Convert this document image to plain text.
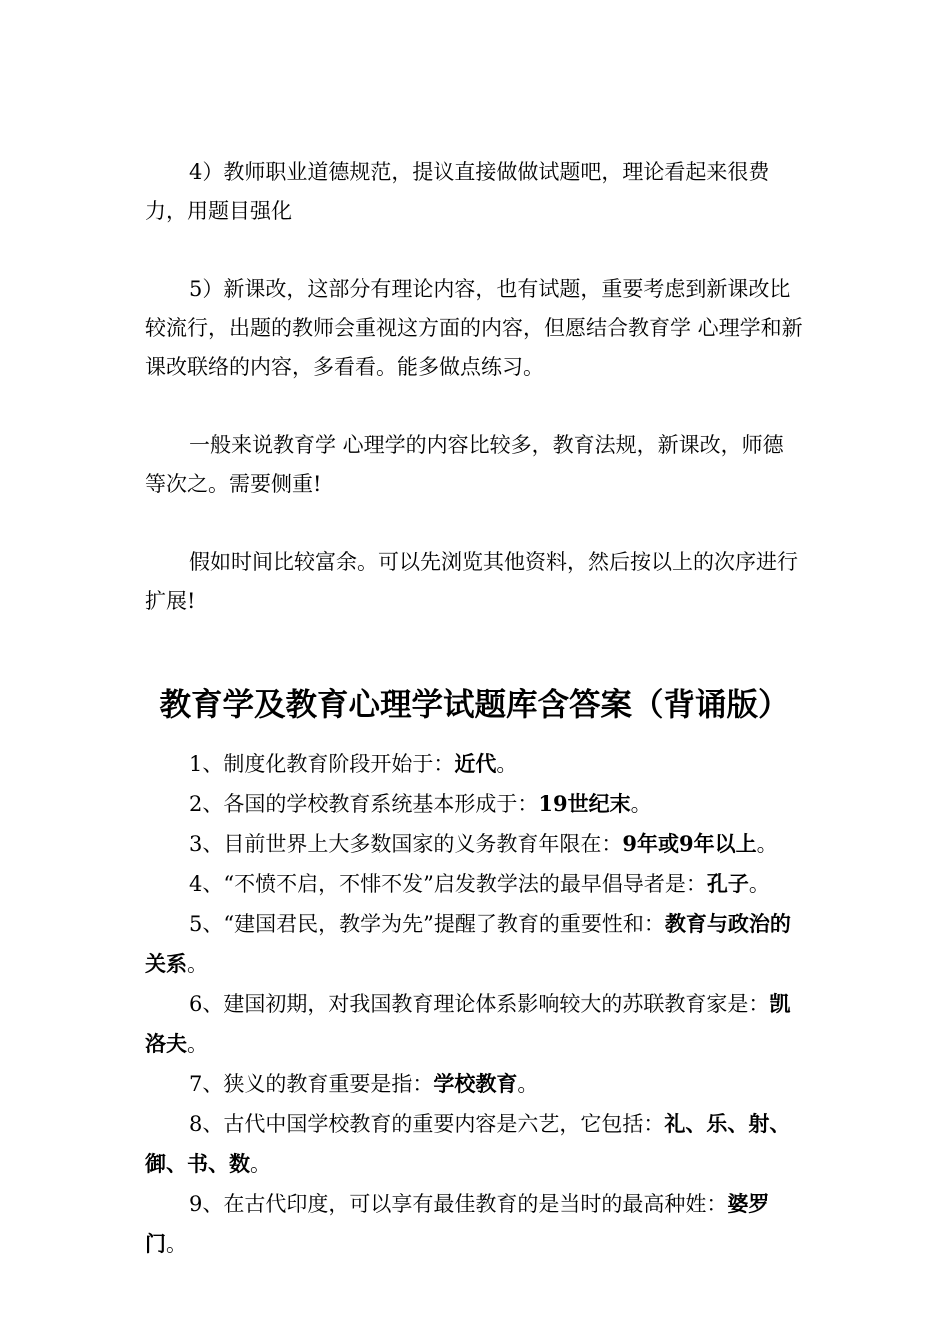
4）教师职业道德规范，提议直接做做试题吧，理论看起来很费力，用题目强化

5）新课改，这部分有理论内容，也有试题，重要考虑到新课改比较流行，出题的教师会重视这方面的内容，但愿结合教育学 心理学和新课改联络的内容，多看看。能多做点练习。

一般来说教育学 心理学的内容比较多，教育法规，新课改，师德 等次之。需要侧重!

假如时间比较富余。可以先浏览其他资料，然后按以上的次序进行扩展!

教育学及教育心理学试题库含答案（背诵版）

1、制度化教育阶段开始于：近代。

2、各国的学校教育系统基本形成于：19世纪末。

3、目前世界上大多数国家的义务教育年限在：9年或9年以上。

4、“不愤不启，不悱不发”启发教学法的最早倡导者是：孔子。

5、“建国君民，教学为先”提醒了教育的重要性和：教育与政治的关系。

6、建国初期，对我国教育理论体系影响较大的苏联教育家是：凯洛夫。

7、狭义的教育重要是指：学校教育。

8、古代中国学校教育的重要内容是六艺，它包括：礼、乐、射、御、书、数。

9、在古代印度，可以享有最佳教育的是当时的最高种姓：婆罗门。
